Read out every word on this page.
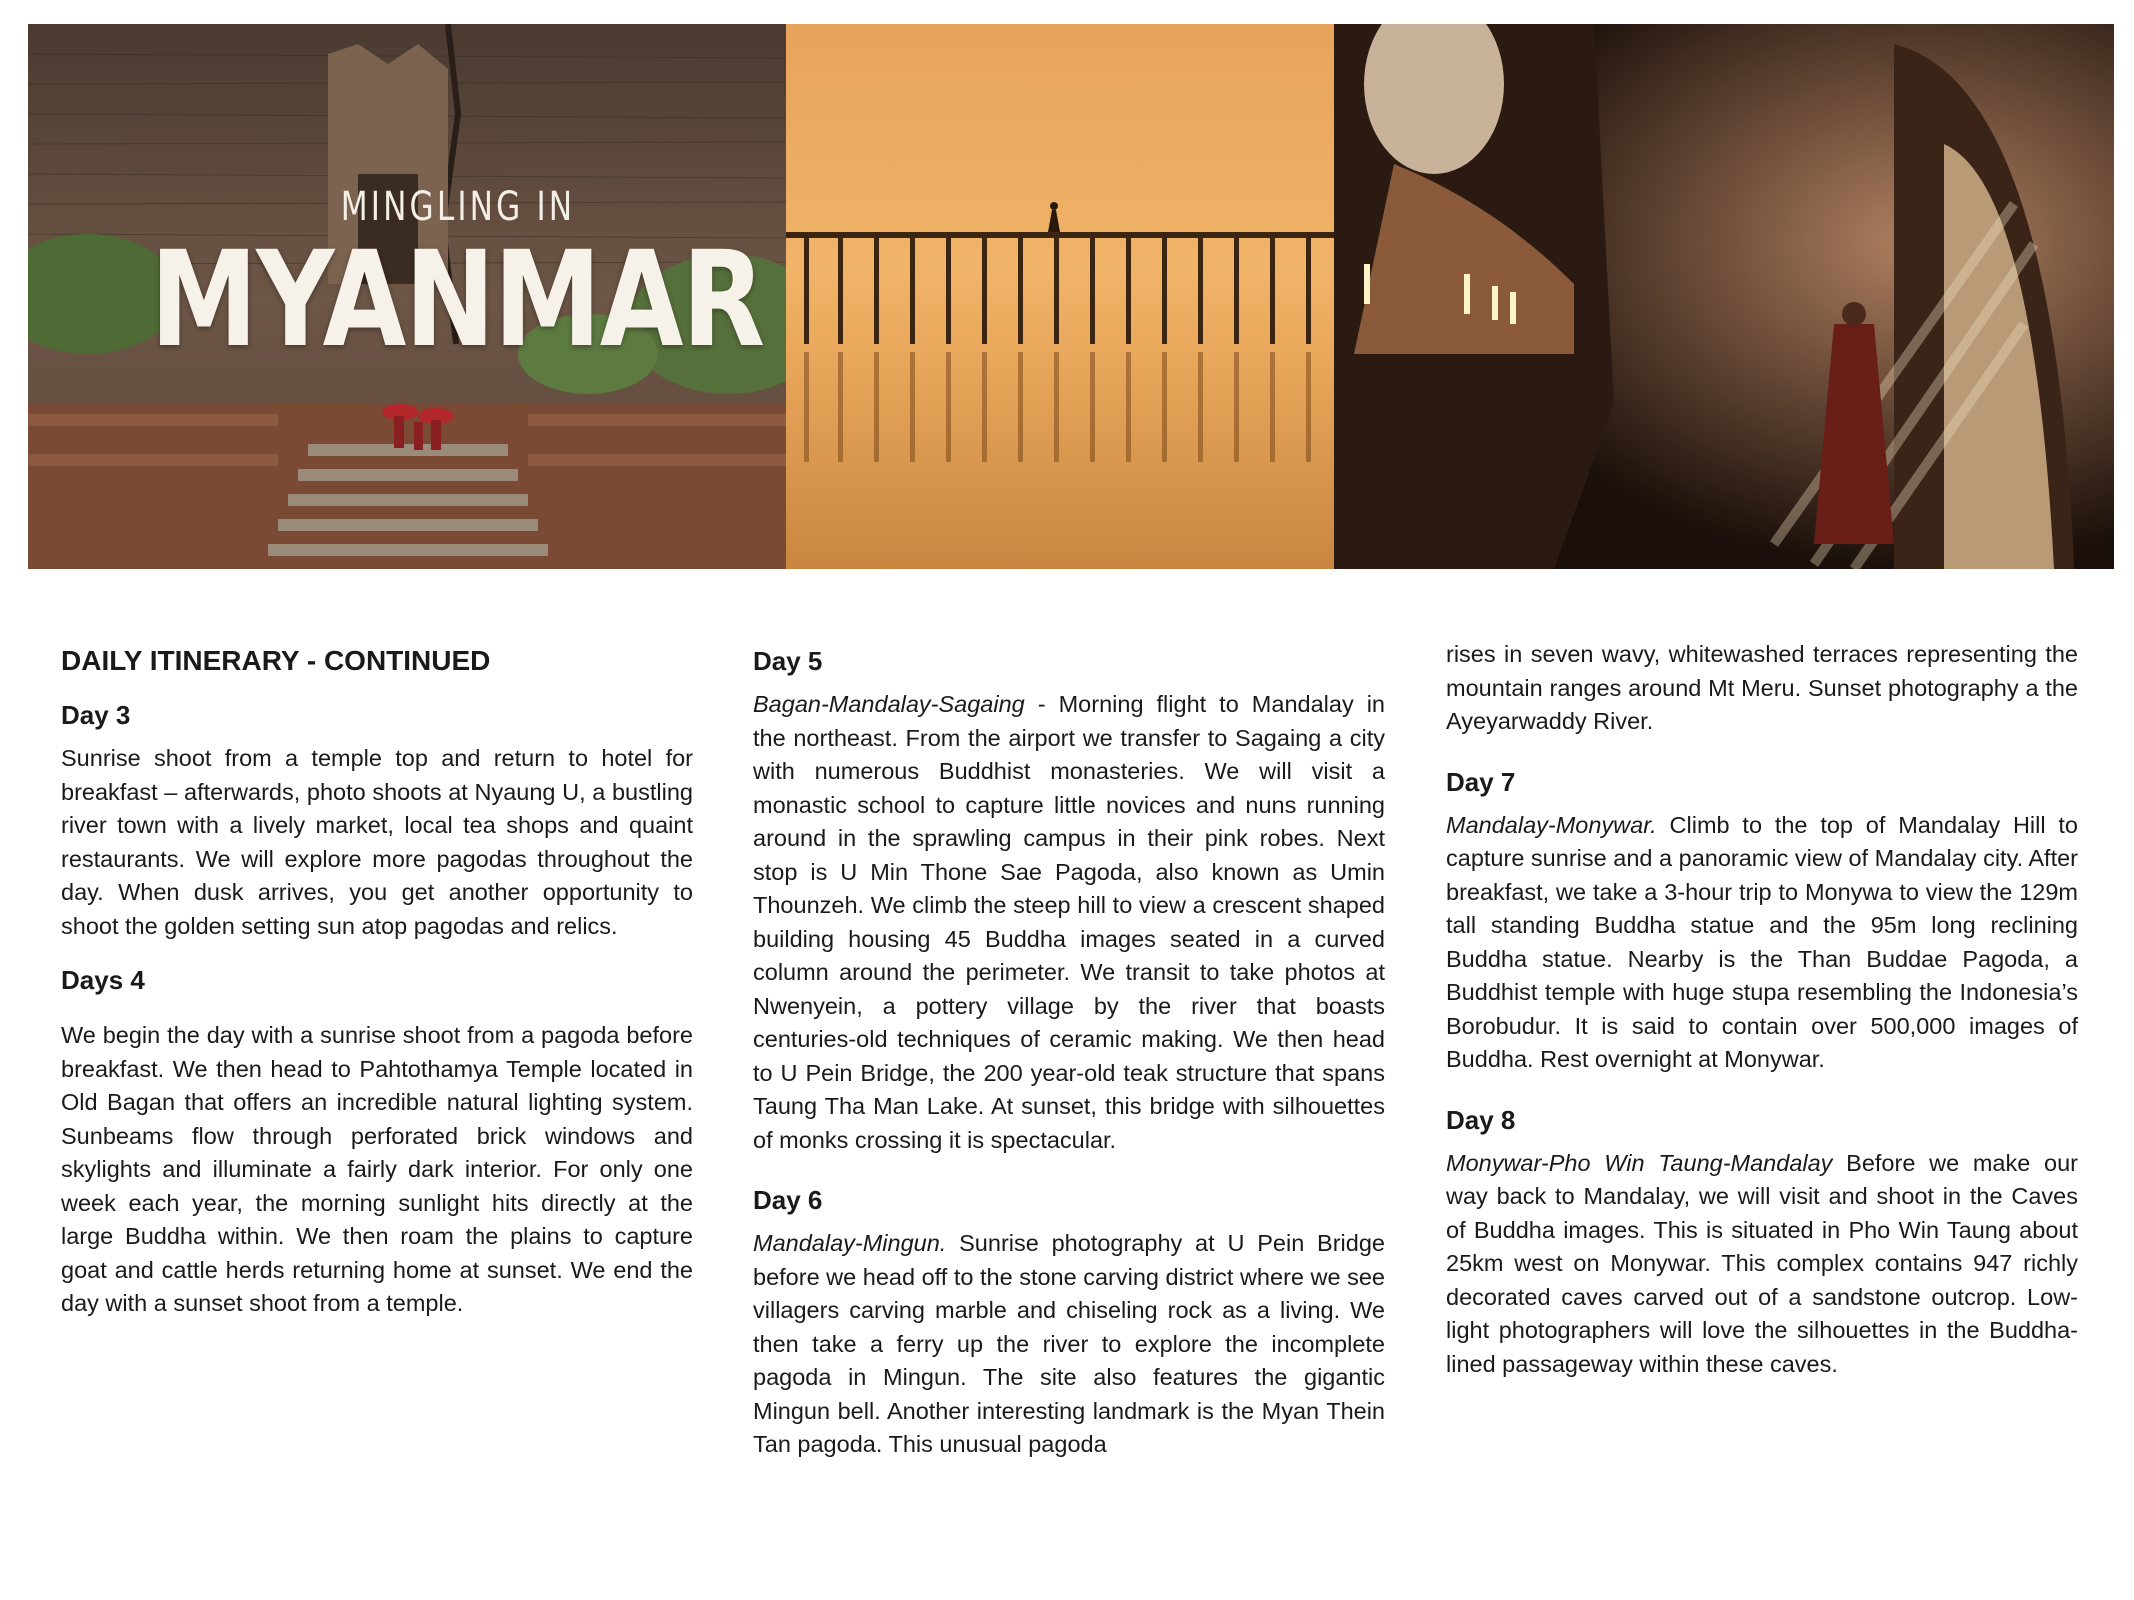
MINGLING IN
MYANMAR
DAILY ITINERARY - CONTINUED
Day 3

Sunrise shoot from a temple top and return to hotel for breakfast – afterwards, photo shoots at Nyaung U, a bustling river town with a lively market, local tea shops and quaint restaurants. We will explore more pagodas throughout the day. When dusk arrives, you get another opportunity to shoot the golden setting sun atop pagodas and relics.

Days 4

We begin the day with a sunrise shoot from a pagoda before breakfast. We then head to Pahtothamya Temple located in Old Bagan that offers an incredible natural lighting system. Sunbeams flow through perforated brick windows and skylights and illuminate a fairly dark interior. For only one week each year, the morning sunlight hits directly at the large Buddha within. We then roam the plains to capture goat and cattle herds returning home at sunset. We end the day with a sunset shoot from a temple.

Day 5

Bagan-Mandalay-Sagaing - Morning flight to Mandalay in the northeast. From the airport we transfer to Sagaing a city with numerous Buddhist monasteries. We will visit a monastic school to capture little novices and nuns running around in the sprawling campus in their pink robes. Next stop is U Min Thone Sae Pagoda, also known as Umin Thounzeh. We climb the steep hill to view a crescent shaped building housing 45 Buddha images seated in a curved column around the perimeter. We transit to take photos at Nwenyein, a pottery village by the river that boasts centuries-old techniques of ceramic making. We then head to U Pein Bridge, the 200 year-old teak structure that spans Taung Tha Man Lake. At sunset, this bridge with silhouettes of monks crossing it is spectacular.

Day 6

Mandalay-Mingun. Sunrise photography at U Pein Bridge before we head off to the stone carving district where we see villagers carving marble and chiseling rock as a living. We then take a ferry up the river to explore the incomplete pagoda in Mingun. The site also features the gigantic Mingun bell. Another interesting landmark is the Myan Thein Tan pagoda. This unusual pagoda

rises in seven wavy, whitewashed terraces representing the mountain ranges around Mt Meru. Sunset photography a the Ayeyarwaddy River.

Day 7

Mandalay-Monywar. Climb to the top of Mandalay Hill to capture sunrise and a panoramic view of Mandalay city. After breakfast, we take a 3-hour trip to Monywa to view the 129m tall standing Buddha statue and the 95m long reclining Buddha statue. Nearby is the Than Buddae Pagoda, a Buddhist temple with huge stupa resembling the Indonesia’s Borobudur. It is said to contain over 500,000 images of Buddha. Rest overnight at Monywar.

Day 8

Monywar-Pho Win Taung-Mandalay Before we make our way back to Mandalay, we will visit and shoot in the Caves of Buddha images. This is situated in Pho Win Taung about 25km west on Monywar. This complex contains 947 richly decorated caves carved out of a sandstone outcrop. Low-light photographers will love the silhouettes in the Buddha-lined passageway within these caves.
